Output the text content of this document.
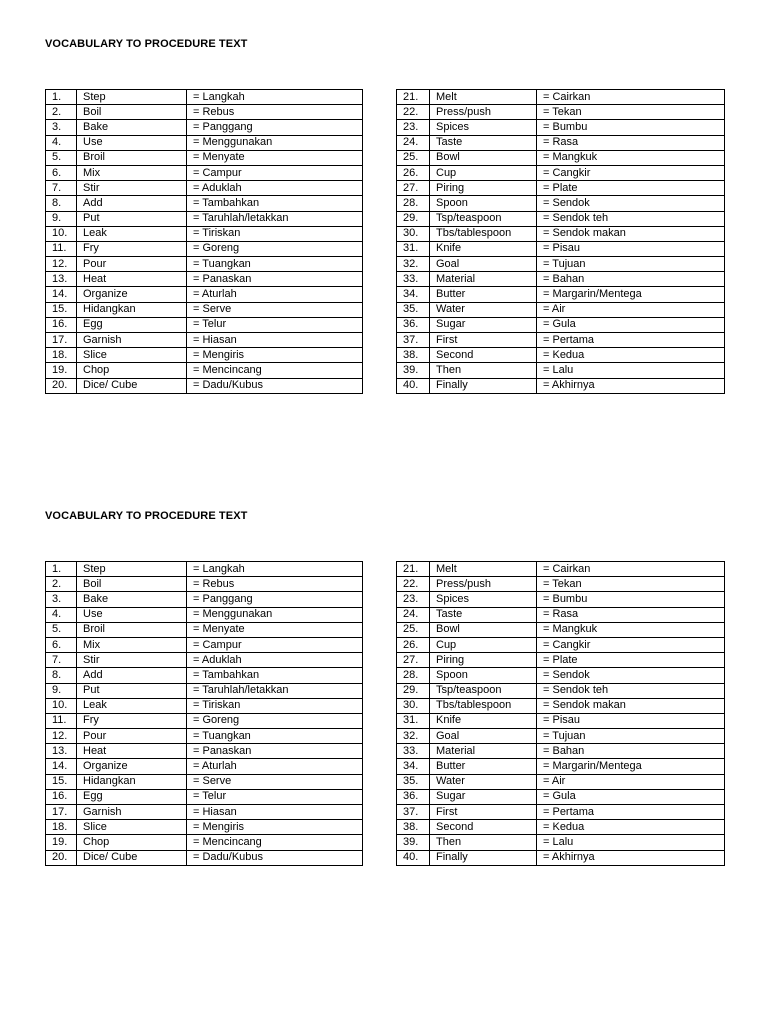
VOCABULARY TO PROCEDURE TEXT
1.	Step	= Langkah
2.	Boil	= Rebus
3.	Bake	= Panggang
4.	Use	= Menggunakan
5.	Broil	= Menyate
6.	Mix	= Campur
7.	Stir	= Aduklah
8.	Add	= Tambahkan
9.	Put	= Taruhlah/letakkan
10.	Leak	= Tiriskan
11.	Fry	= Goreng
12.	Pour	= Tuangkan
13.	Heat	= Panaskan
14.	Organize	= Aturlah
15.	Hidangkan	= Serve
16.	Egg	= Telur
17.	Garnish	= Hiasan
18.	Slice	= Mengiris
19.	Chop	= Mencincang
20.	Dice/ Cube	= Dadu/Kubus
21.	Melt	= Cairkan
22.	Press/push	= Tekan
23.	Spices	= Bumbu
24.	Taste	= Rasa
25.	Bowl	= Mangkuk
26.	Cup	= Cangkir
27.	Piring	= Plate
28.	Spoon	= Sendok
29.	Tsp/teaspoon	= Sendok teh
30.	Tbs/tablespoon	= Sendok makan
31.	Knife	= Pisau
32.	Goal	= Tujuan
33.	Material	= Bahan
34.	Butter	= Margarin/Mentega
35.	Water	= Air
36.	Sugar	= Gula
37.	First	= Pertama
38.	Second	= Kedua
39.	Then	= Lalu
40.	Finally	= Akhirnya
VOCABULARY TO PROCEDURE TEXT
1.	Step	= Langkah
2.	Boil	= Rebus
3.	Bake	= Panggang
4.	Use	= Menggunakan
5.	Broil	= Menyate
6.	Mix	= Campur
7.	Stir	= Aduklah
8.	Add	= Tambahkan
9.	Put	= Taruhlah/letakkan
10.	Leak	= Tiriskan
11.	Fry	= Goreng
12.	Pour	= Tuangkan
13.	Heat	= Panaskan
14.	Organize	= Aturlah
15.	Hidangkan	= Serve
16.	Egg	= Telur
17.	Garnish	= Hiasan
18.	Slice	= Mengiris
19.	Chop	= Mencincang
20.	Dice/ Cube	= Dadu/Kubus
21.	Melt	= Cairkan
22.	Press/push	= Tekan
23.	Spices	= Bumbu
24.	Taste	= Rasa
25.	Bowl	= Mangkuk
26.	Cup	= Cangkir
27.	Piring	= Plate
28.	Spoon	= Sendok
29.	Tsp/teaspoon	= Sendok teh
30.	Tbs/tablespoon	= Sendok makan
31.	Knife	= Pisau
32.	Goal	= Tujuan
33.	Material	= Bahan
34.	Butter	= Margarin/Mentega
35.	Water	= Air
36.	Sugar	= Gula
37.	First	= Pertama
38.	Second	= Kedua
39.	Then	= Lalu
40.	Finally	= Akhirnya
